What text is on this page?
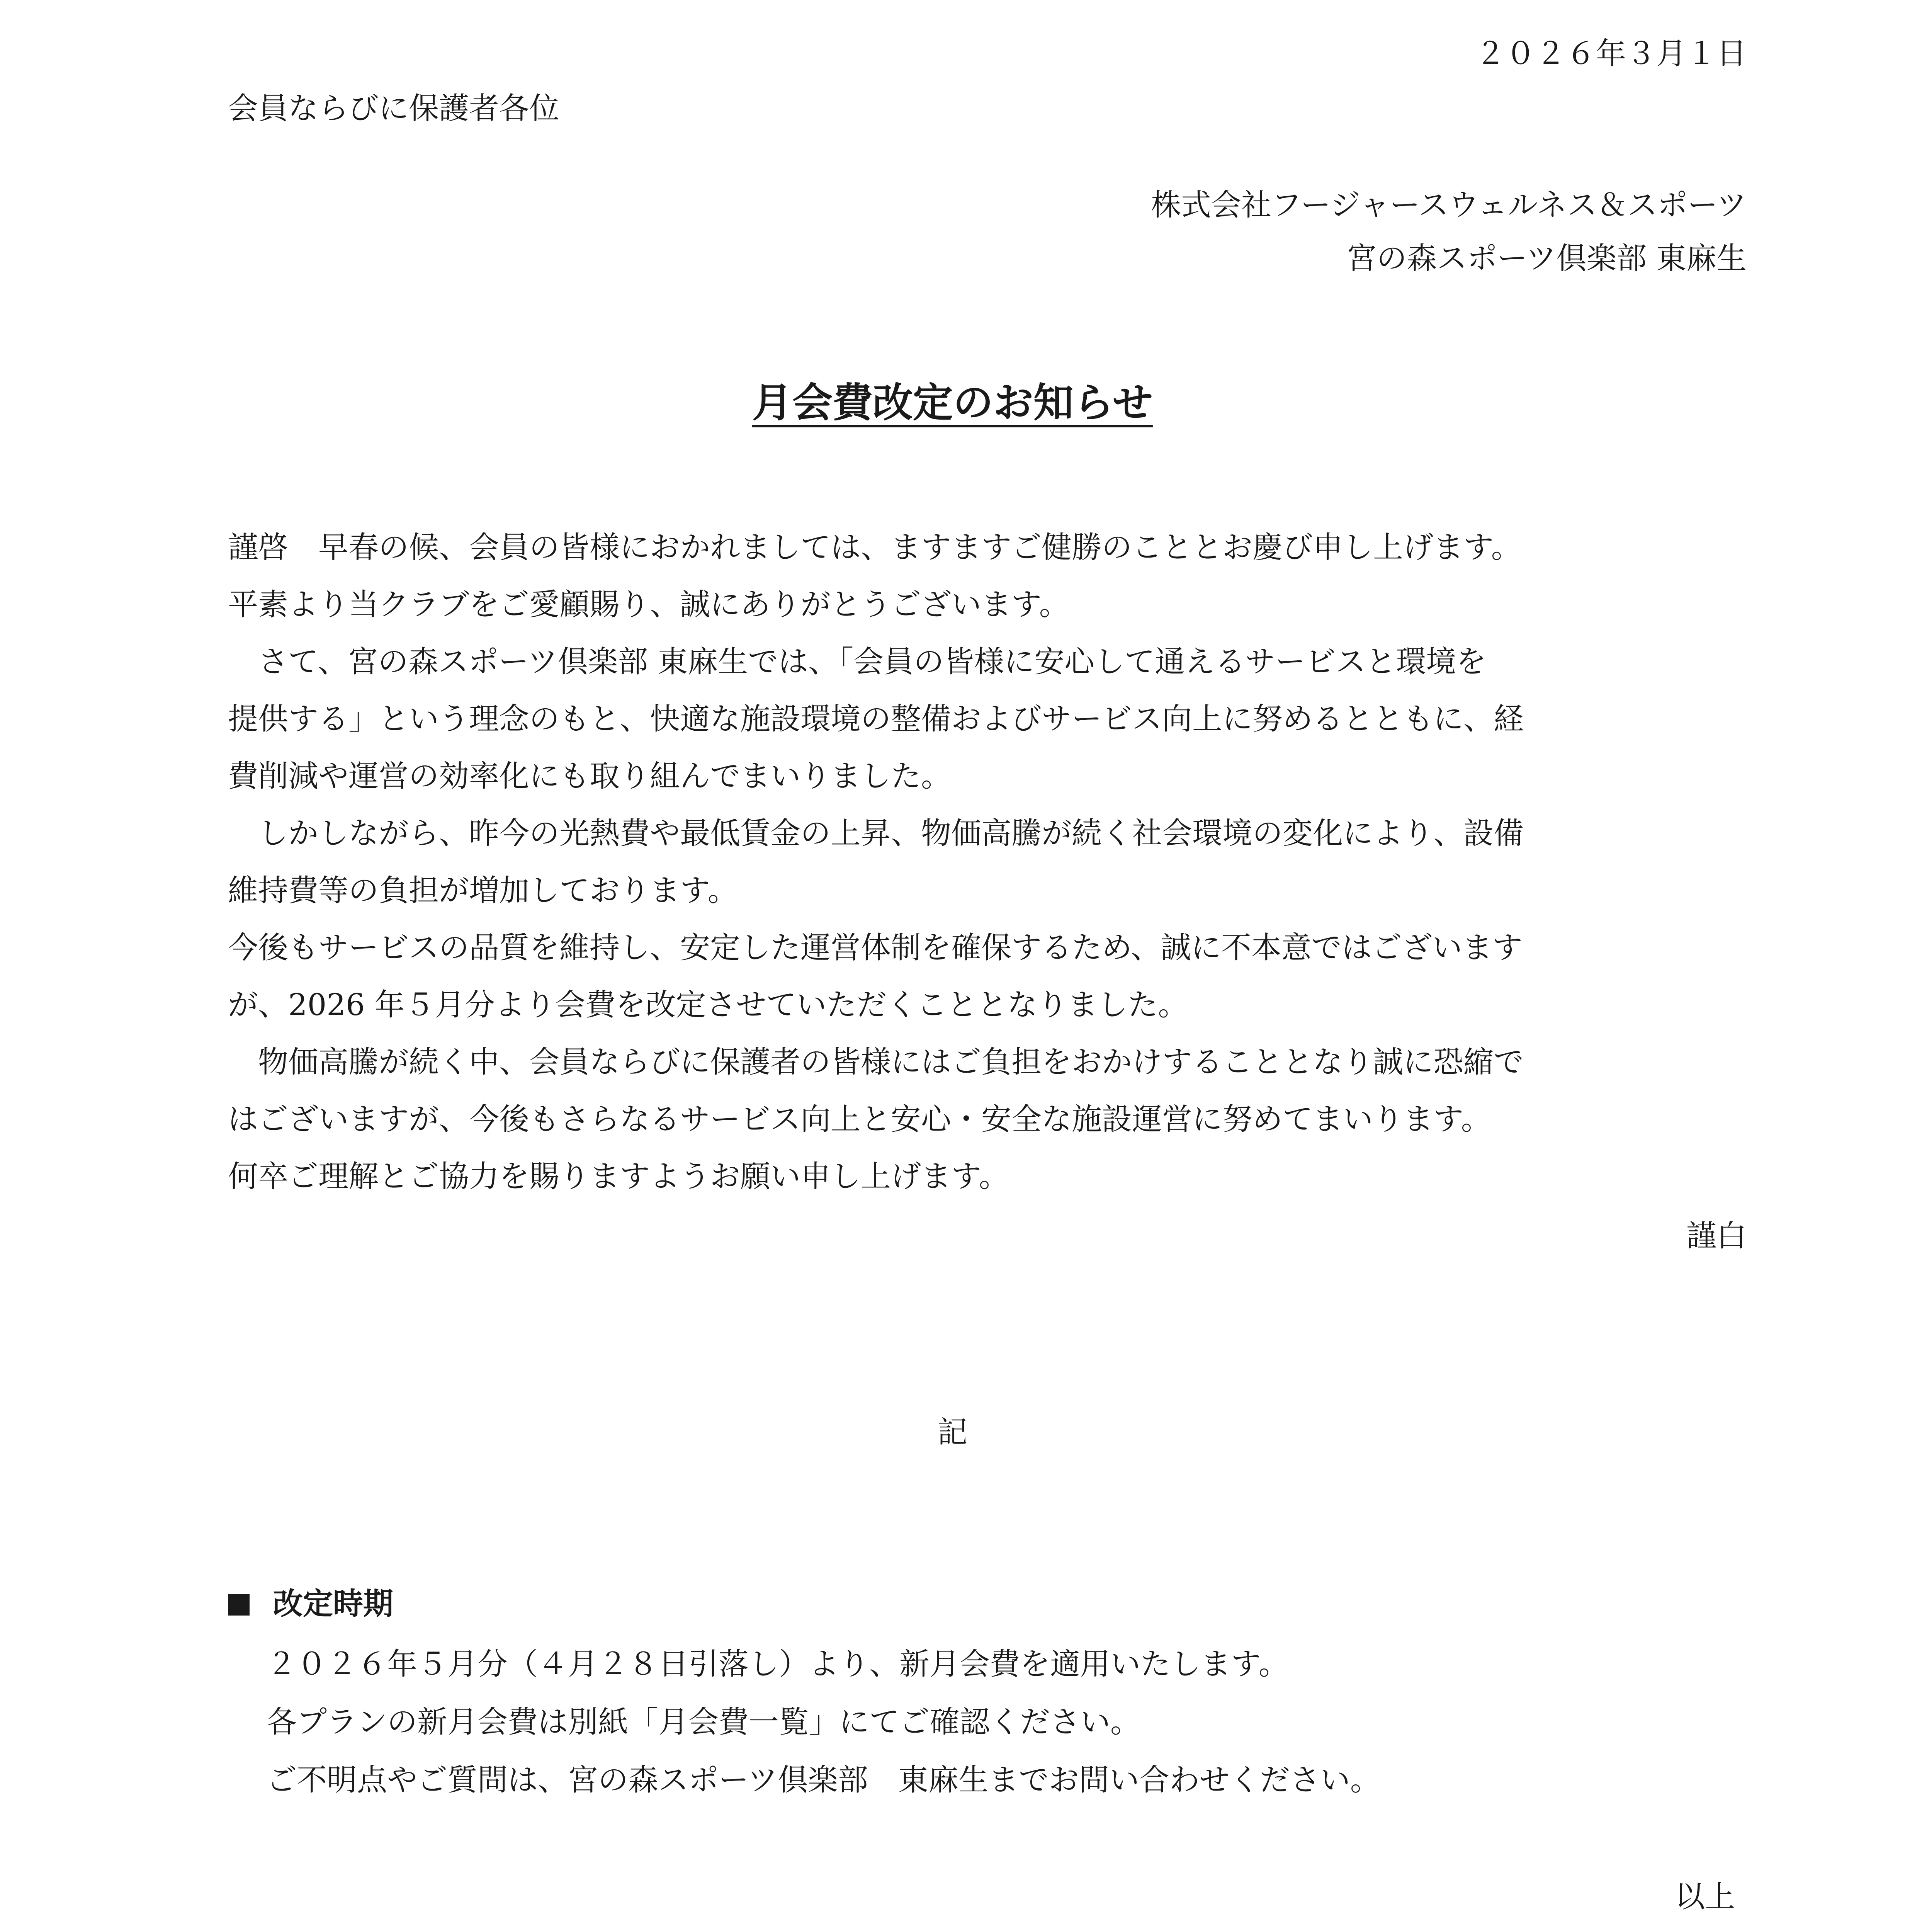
２０２６年３月１日

会員ならびに保護者各位

株式会社フージャースウェルネス＆スポーツ

宮の森スポーツ倶楽部 東麻生

月会費改定のお知らせ

謹啓　早春の候、会員の皆様におかれましては、ますますご健勝のこととお慶び申し上げます。

平素より当クラブをご愛顧賜り、誠にありがとうございます。

　さて、宮の森スポーツ倶楽部 東麻生では、「会員の皆様に安心して通えるサービスと環境を

提供する」という理念のもと、快適な施設環境の整備およびサービス向上に努めるとともに、経

費削減や運営の効率化にも取り組んでまいりました。

　しかしながら、昨今の光熱費や最低賃金の上昇、物価高騰が続く社会環境の変化により、設備

維持費等の負担が増加しております。

今後もサービスの品質を維持し、安定した運営体制を確保するため、誠に不本意ではございます

が、2026 年５月分より会費を改定させていただくこととなりました。

　物価高騰が続く中、会員ならびに保護者の皆様にはご負担をおかけすることとなり誠に恐縮で

はございますが、今後もさらなるサービス向上と安心・安全な施設運営に努めてまいります。

何卒ご理解とご協力を賜りますようお願い申し上げます。

謹白

記

改定時期

２０２６年５月分（４月２８日引落し）より、新月会費を適用いたします。

各プランの新月会費は別紙「月会費一覧」にてご確認ください。

ご不明点やご質問は、宮の森スポーツ倶楽部　東麻生までお問い合わせください。

以上
